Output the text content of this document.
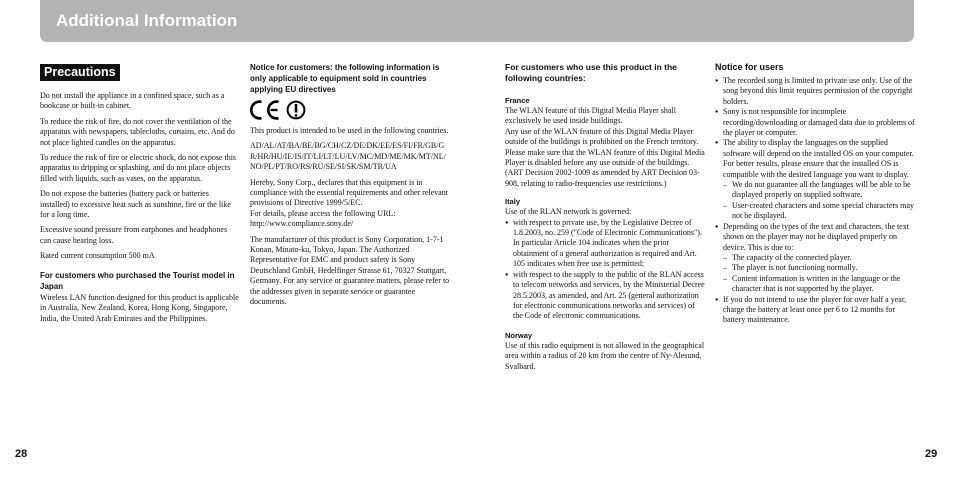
Additional Information
Precautions

Do not install the appliance in a confined space, such as a bookcase or built-in cabinet.

To reduce the risk of fire, do not cover the ventilation of the apparatus with newspapers, tablecloths, curtains, etc. And do not place lighted candles on the apparatus.

To reduce the risk of fire or electric shock, do not expose this apparatus to dripping or splashing, and do not place objects filled with liquids, such as vases, on the apparatus.

Do not expose the batteries (battery pack or batteries installed) to excessive heat such as sunshine, fire or the like for a long time.

Excessive sound pressure from earphones and headphones can cause hearing loss.

Rated current consumption 500 mA

For customers who purchased the Tourist model in Japan

Wireless LAN function designed for this product is applicable in Australia, New Zealand, Korea, Hong Kong, Singapore, India, the United Arab Emirates and the Philippines.

Notice for customers: the following information is only applicable to equipment sold in countries applying EU directives

This product is intended to be used in the following countries.

AD/AL/AT/BA/BE/BG/CH/CZ/DE/DK/EE/ES/FI/FR/GB/GR/HR/HU/IE/IS/IT/LI/LT/LU/LV/MC/MD/ME/MK/MT/NL/NO/PL/PT/RO/RS/RU/SE/SI/SK/SM/TR/UA

Hereby, Sony Corp., declares that this equipment is in compliance with the essential requirements and other relevant provisions of Directive 1999/5/EC.
For details, please access the following URL:
http://www.compliance.sony.de/

The manufacturer of this product is Sony Corporation, 1-7-1 Konan, Minato-ku, Tokyo, Japan. The Authorized Representative for EMC and product safety is Sony Deutschland GmbH, Hedelfinger Strasse 61, 70327 Stuttgart, Germany. For any service or guarantee matters, please refer to the addresses given in separate service or guarantee documents.

For customers who use this product in the following countries:
France
The WLAN feature of this Digital Media Player shall exclusively be used inside buildings.

Any use of the WLAN feature of this Digital Media Player outside of the buildings is prohibited on the French territory. Please make sure that the WLAN feature of this Digital Media Player is disabled before any use outside of the buildings. (ART Decision 2002-1009 as amended by ART Decision 03-908, relating to radio-frequencies use restrictions.)

Italy
Use of the RLAN network is governed:
● with respect to private use, by the Legislative Decree of 1.8.2003, no. 259 ("Code of Electronic Communications"). In particular Article 104 indicates when the prior obtainment of a general authorization is required and Art. 105 indicates when free use is permitted;
● with respect to the supply to the public of the RLAN access to telecom networks and services, by the Ministerial Decree 28.5.2003, as amended, and Art. 25 (general authorization for electronic communications networks and services) of the Code of electronic communications.
Norway
Use of this radio equipment is not allowed in the geographical area within a radius of 20 km from the centre of Ny-Alesund, Svalbard.
Notice for users
● The recorded song is limited to private use only. Use of the song beyond this limit requires permission of the copyright holders.
● Sony is not responsible for incomplete recording/downloading or damaged data due to problems of the player or computer.
● The ability to display the languages on the supplied software will depend on the installed OS on your computer. For better results, please ensure that the installed OS is compatible with the desired language you want to display.
– We do not guarantee all the languages will be able to be displayed properly on supplied software.
– User-created characters and some special characters may not be displayed.
● Depending on the types of the text and characters, the text shown on the player may not be displayed properly on device. This is due to:
– The capacity of the connected player.
– The player is not functioning normally.
– Content information is written in the language or the character that is not supported by the player.
● If you do not intend to use the player for over half a year, charge the battery at least once per 6 to 12 months for battery maintenance.
28	29
